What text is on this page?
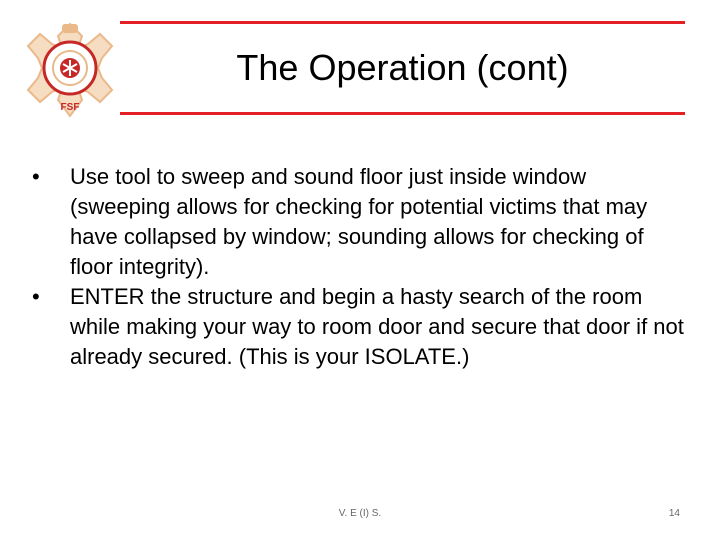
FSF
The Operation (cont)

•	Use tool to sweep and sound floor just inside window (sweeping allows for checking for potential victims that may have collapsed by window; sounding allows for checking of floor integrity).

•	ENTER the structure and begin a hasty search of the room while making your way to room door and secure that door if not already secured. (This is your ISOLATE.)

V. E (I) S.	14
